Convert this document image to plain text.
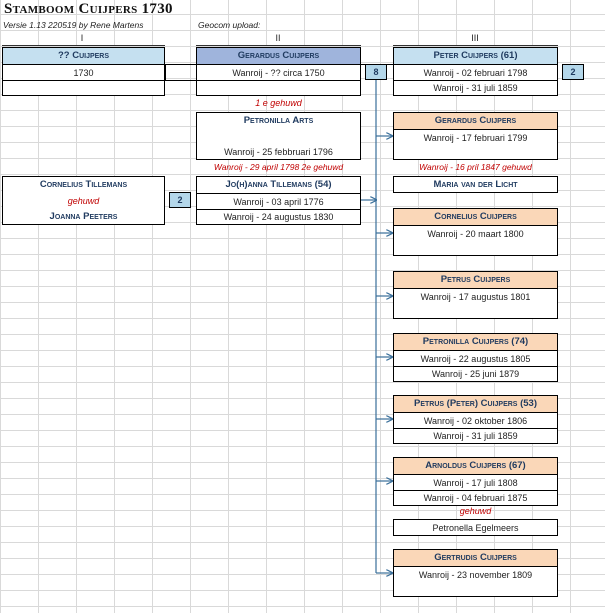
Stamboom Cuijpers 1730
Versie 1.13 220519 by Rene Martens	Geocom upload:
I	II	III
?? Cuijpers
1730
Gerardus Cuijpers
Wanroij - ?? circa 1750	8
1 e gehuwd
Petronilla Arts
Wanroij - 25 febbruari 1796
Wanroij - 29 april 1798 2e gehuwd
Jo(h)anna Tillemans (54)
Wanroij - 03 april 1776
Wanroij - 24 augustus 1830
Cornelius Tillemans
gehuwd
Joanna Peeters
2
Peter Cuijpers (61)
Wanroij - 02 februari 1798
Wanroij - 31 juli 1859
2
Gerardus Cuijpers
Wanroij - 17 februari 1799
Wanroij - 16 pril 1847 gehuwd
Maria van der Licht
Cornelius Cuijpers
Wanroij - 20 maart 1800
Petrus Cuijpers
Wanroij - 17 augustus 1801
Petronilla Cuijpers (74)
Wanroij - 22 augustus 1805
Wanroij - 25 juni 1879
Petrus (Peter) Cuijpers (53)
Wanroij - 02 oktober 1806
Wanroij - 31 juli 1859
Arnoldus Cuijpers (67)
Wanroij - 17 juli 1808
Wanroij - 04 februari 1875
gehuwd
Petronella Egelmeers
Gertrudis Cuijpers
Wanroij - 23 november 1809
